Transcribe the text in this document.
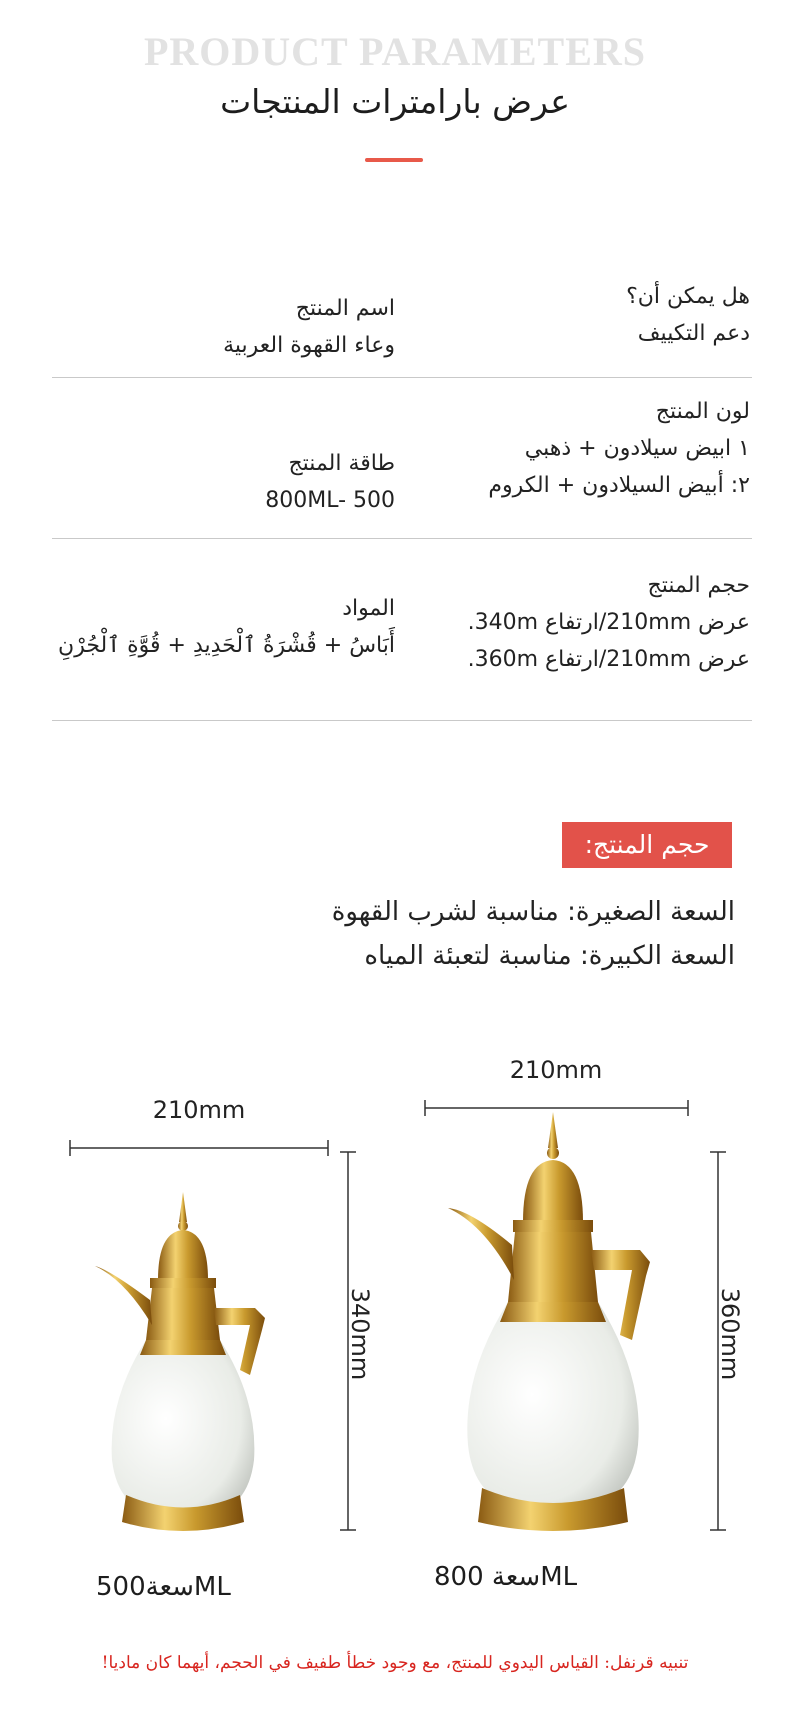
PRODUCT PARAMETERS
عرض بارامترات المنتجات
هل يمكن أن؟
دعم التكييف
اسم المنتج
وعاء القهوة العربية
لون المنتج
١ ابيض سيلادون + ذهبي
٢: أبيض السيلادون + الكروم
طاقة المنتج
800ML- 500
حجم المنتج
عرض 210mm/ارتفاع 340m.
عرض 210mm/ارتفاع 360m.
المواد
أَبَاسُ + قُشْرَةُ ٱلْحَدِيدِ + قُوَّةِ ٱلْجُرْنِ
حجم المنتج:
السعة الصغيرة: مناسبة لشرب القهوة
السعة الكبيرة: مناسبة لتعبئة المياه
210mm
210mm
340mm	360mm
سعة500ML	سعة 800ML
تنبيه قرنفل: القياس اليدوي للمنتج، مع وجود خطأ طفيف في الحجم، أيهما كان ماديا!
